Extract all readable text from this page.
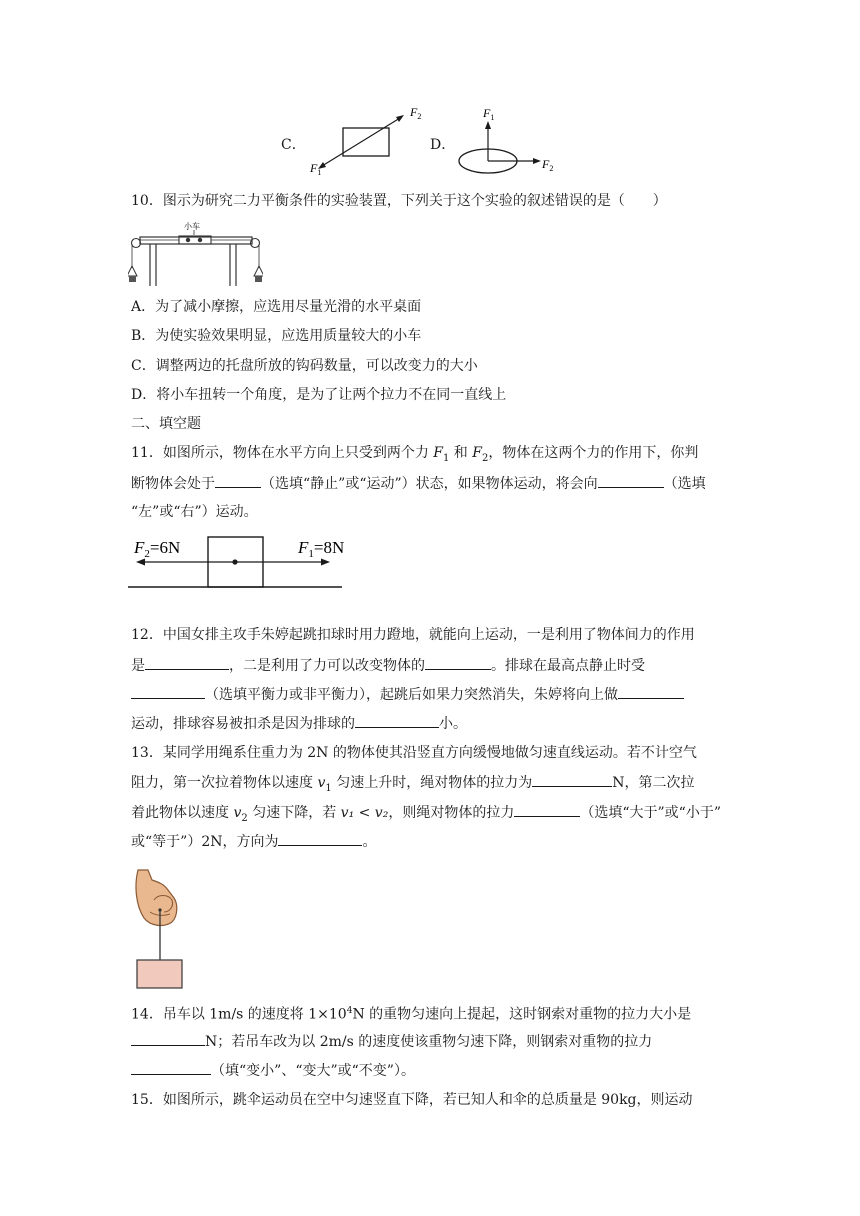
C．
$F_2$
$F_1$
D．
$F_1$
$F_2$
10．图示为研究二力平衡条件的实验装置，下列关于这个实验的叙述错误的是（　　）
小车
A．为了减小摩擦，应选用尽量光滑的水平桌面
B．为使实验效果明显，应选用质量较大的小车
C．调整两边的托盘所放的钩码数量，可以改变力的大小
D．将小车扭转一个角度，是为了让两个拉力不在同一直线上
二、填空题
11．如图所示，物体在水平方向上只受到两个力 $F_1$ 和 $F_2$，物体在这两个力的作用下，你判
断物体会处于	（选填“静止”或“运动”）状态，如果物体运动，将会向	（选填
“左”或“右”）运动。
$F_2=6N$	$F_1=8N$
12．中国女排主攻手朱婷起跳扣球时用力蹬地，就能向上运动，一是利用了物体间力的作用
是	，二是利用了力可以改变物体的	。排球在最高点静止时受
（选填平衡力或非平衡力），起跳后如果力突然消失，朱婷将向上做
运动，排球容易被扣杀是因为排球的	小。
13．某同学用绳系住重力为 2N 的物体使其沿竖直方向缓慢地做匀速直线运动。若不计空气
阻力，第一次拉着物体以速度 $v_1$ 匀速上升时，绳对物体的拉力为	N，第二次拉
着此物体以速度 $v_2$ 匀速下降，若 v₁ < v₂，则绳对物体的拉力	（选填“大于”或“小于”
或“等于”）2N，方向为	。
14．吊车以 1m/s 的速度将 $1\times 10^4N$ 的重物匀速向上提起，这时钢索对重物的拉力大小是
N；若吊车改为以 2m/s 的速度使该重物匀速下降，则钢索对重物的拉力
（填“变小”、“变大”或“不变”）。
15．如图所示，跳伞运动员在空中匀速竖直下降，若已知人和伞的总质量是 90kg，则运动
